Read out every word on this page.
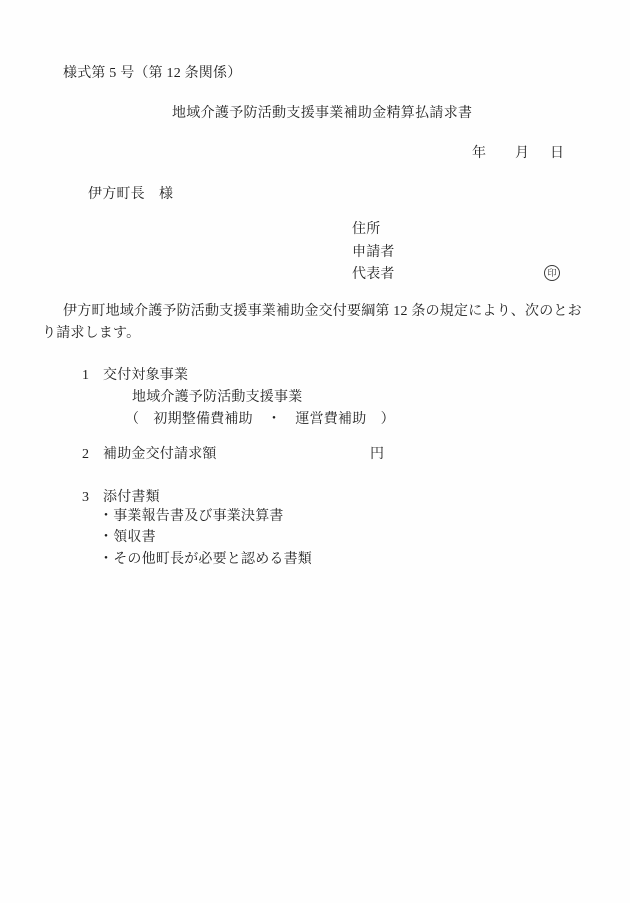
様式第 5 号（第 12 条関係）
地域介護予防活動支援事業補助金精算払請求書
年 月 日
伊方町長　様
住所
申請者
代表者	印
伊方町地域介護予防活動支援事業補助金交付要綱第 12 条の規定により、次のとお
り請求します。
1 交付対象事業
地域介護予防活動支援事業
（　初期整備費補助　・　運営費補助　）
2 補助金交付請求額	円
3 添付書類
・事業報告書及び事業決算書
・領収書
・その他町長が必要と認める書類
